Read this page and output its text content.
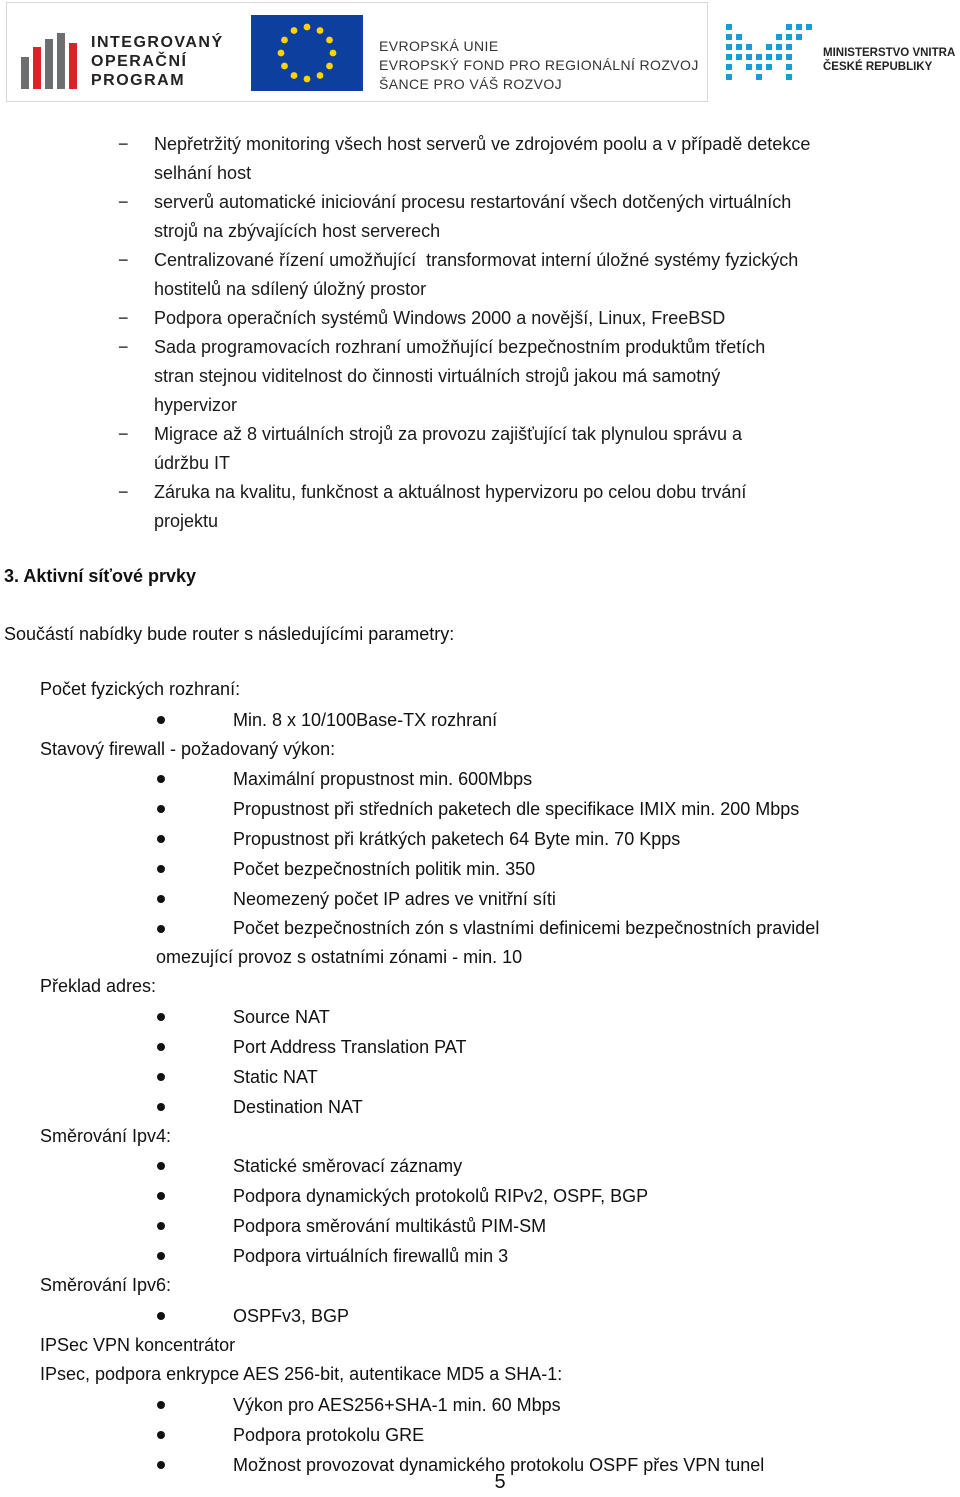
INTEGROVANÝ
OPERAČNÍ
PROGRAM
EVROPSKÁ UNIE
EVROPSKÝ FOND PRO REGIONÁLNÍ ROZVOJ
ŠANCE PRO VÁŠ ROZVOJ
MINISTERSTVO VNITRA
ČESKÉ REPUBLIKY
− Nepřetržitý monitoring všech host serverů ve zdrojovém poolu a v případě detekce
selhání host
− serverů automatické iniciování procesu restartování všech dotčených virtuálních
strojů na zbývajících host serverech
− Centralizované řízení umožňující  transformovat interní úložné systémy fyzických
hostitelů na sdílený úložný prostor
− Podpora operačních systémů Windows 2000 a novější, Linux, FreeBSD
− Sada programovacích rozhraní umožňující bezpečnostním produktům třetích
stran stejnou viditelnost do činnosti virtuálních strojů jakou má samotný
hypervizor
− Migrace až 8 virtuálních strojů za provozu zajišťující tak plynulou správu a
údržbu IT
− Záruka na kvalitu, funkčnost a aktuálnost hypervizoru po celou dobu trvání
projektu
3. Aktivní síťové prvky
Součástí nabídky bude router s následujícími parametry:
Počet fyzických rozhraní:
Min. 8 x 10/100Base-TX rozhraní
Stavový firewall - požadovaný výkon:
Maximální propustnost min. 600Mbps
Propustnost při středních paketech dle specifikace IMIX min. 200 Mbps
Propustnost při krátkých paketech 64 Byte min. 70 Kpps
Počet bezpečnostních politik min. 350
Neomezený počet IP adres ve vnitřní síti
Počet bezpečnostních zón s vlastními definicemi bezpečnostních pravidel
omezující provoz s ostatními zónami - min. 10
Překlad adres:
Source NAT
Port Address Translation PAT
Static NAT
Destination NAT
Směrování Ipv4:
Statické směrovací záznamy
Podpora dynamických protokolů RIPv2, OSPF, BGP
Podpora směrování multikástů PIM-SM
Podpora virtuálních firewallů min 3
Směrování Ipv6:
OSPFv3, BGP
IPSec VPN koncentrátor
IPsec, podpora enkrypce AES 256-bit, autentikace MD5 a SHA-1:
Výkon pro AES256+SHA-1 min. 60 Mbps
Podpora protokolu GRE
Možnost provozovat dynamického protokolu OSPF přes VPN tunel
5
